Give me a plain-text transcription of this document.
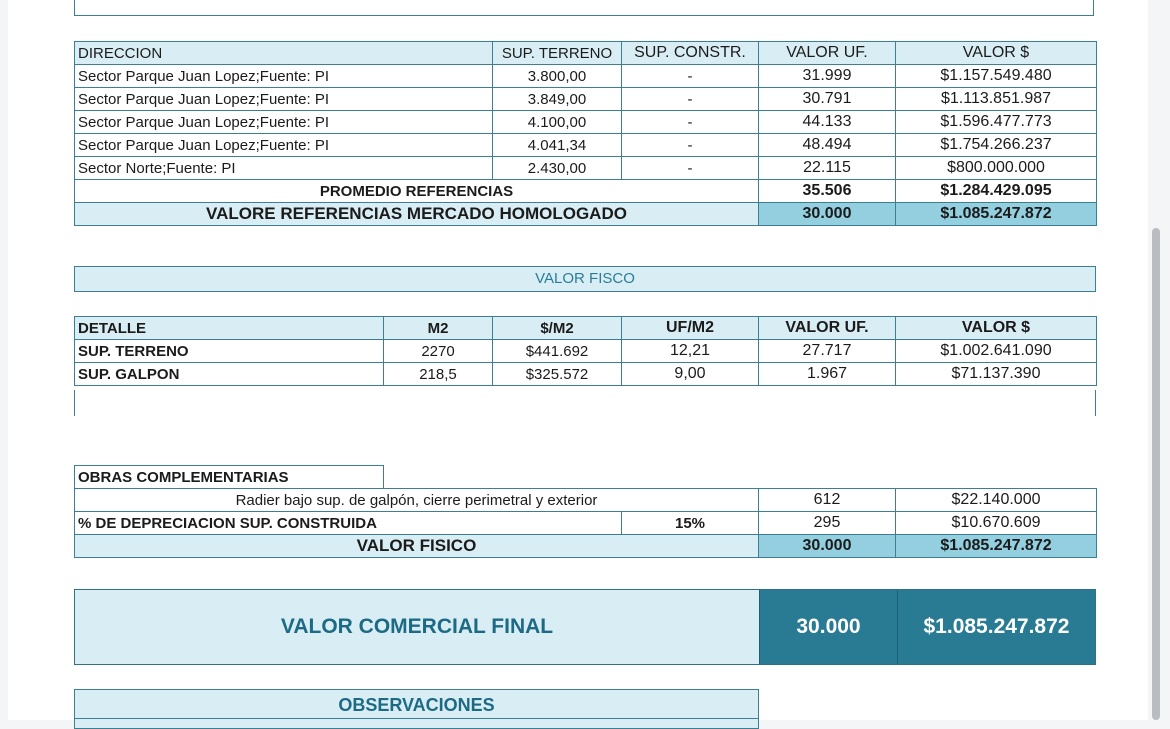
DIRECCION	SUP. TERRENO	SUP. CONSTR.	VALOR UF.	VALOR $
Sector Parque Juan Lopez;Fuente: PI	3.800,00	-	31.999	$1.157.549.480
Sector Parque Juan Lopez;Fuente: PI	3.849,00	-	30.791	$1.113.851.987
Sector Parque Juan Lopez;Fuente: PI	4.100,00	-	44.133	$1.596.477.773
Sector Parque Juan Lopez;Fuente: PI	4.041,34	-	48.494	$1.754.266.237
Sector Norte;Fuente: PI	2.430,00	-	22.115	$800.000.000
PROMEDIO REFERENCIAS			35.506	$1.284.429.095
VALORE REFERENCIAS MERCADO HOMOLOGADO			30.000	$1.085.247.872
VALOR FISCO
DETALLE	M2	$/M2	UF/M2	VALOR UF.	VALOR $
SUP. TERRENO	2270	$441.692	12,21	27.717	$1.002.641.090
SUP. GALPON	218,5	$325.572	9,00	1.967	$71.137.390
OBRAS COMPLEMENTARIAS				
Radier bajo sup. de galpón, cierre perimetral y exterior			612	$22.140.000
% DE DEPRECIACION SUP. CONSTRUIDA		15%	295	$10.670.609
VALOR FISICO			30.000	$1.085.247.872
VALOR COMERCIAL FINAL	30.000	$1.085.247.872
OBSERVACIONES
